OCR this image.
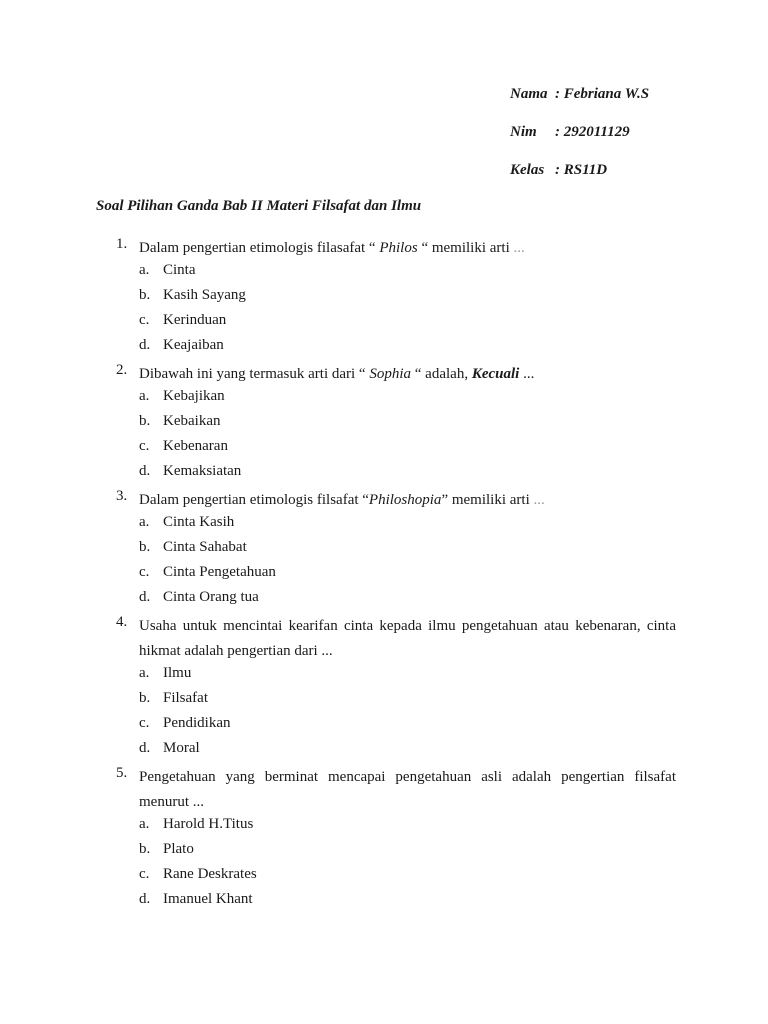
Nama : Febriana W.S
Nim : 292011129
Kelas : RS11D
Soal Pilihan Ganda Bab II Materi Filsafat dan Ilmu
1. Dalam pengertian etimologis filasafat “ Philos “ memiliki arti ...
a. Cinta
b. Kasih Sayang
c. Kerinduan
d. Keajaiban
2. Dibawah ini yang termasuk arti dari “ Sophia “ adalah, Kecuali ...
a. Kebajikan
b. Kebaikan
c. Kebenaran
d. Kemaksiatan
3. Dalam pengertian etimologis filsafat “Philoshopia” memiliki arti ...
a. Cinta Kasih
b. Cinta Sahabat
c. Cinta Pengetahuan
d. Cinta Orang tua
4. Usaha untuk mencintai kearifan cinta kepada ilmu pengetahuan atau kebenaran, cinta
hikmat adalah pengertian dari ...
a. Ilmu
b. Filsafat
c. Pendidikan
d. Moral
5. Pengetahuan yang berminat mencapai pengetahuan asli adalah pengertian filsafat
menurut ...
a. Harold H.Titus
b. Plato
c. Rane Deskrates
d. Imanuel Khant
